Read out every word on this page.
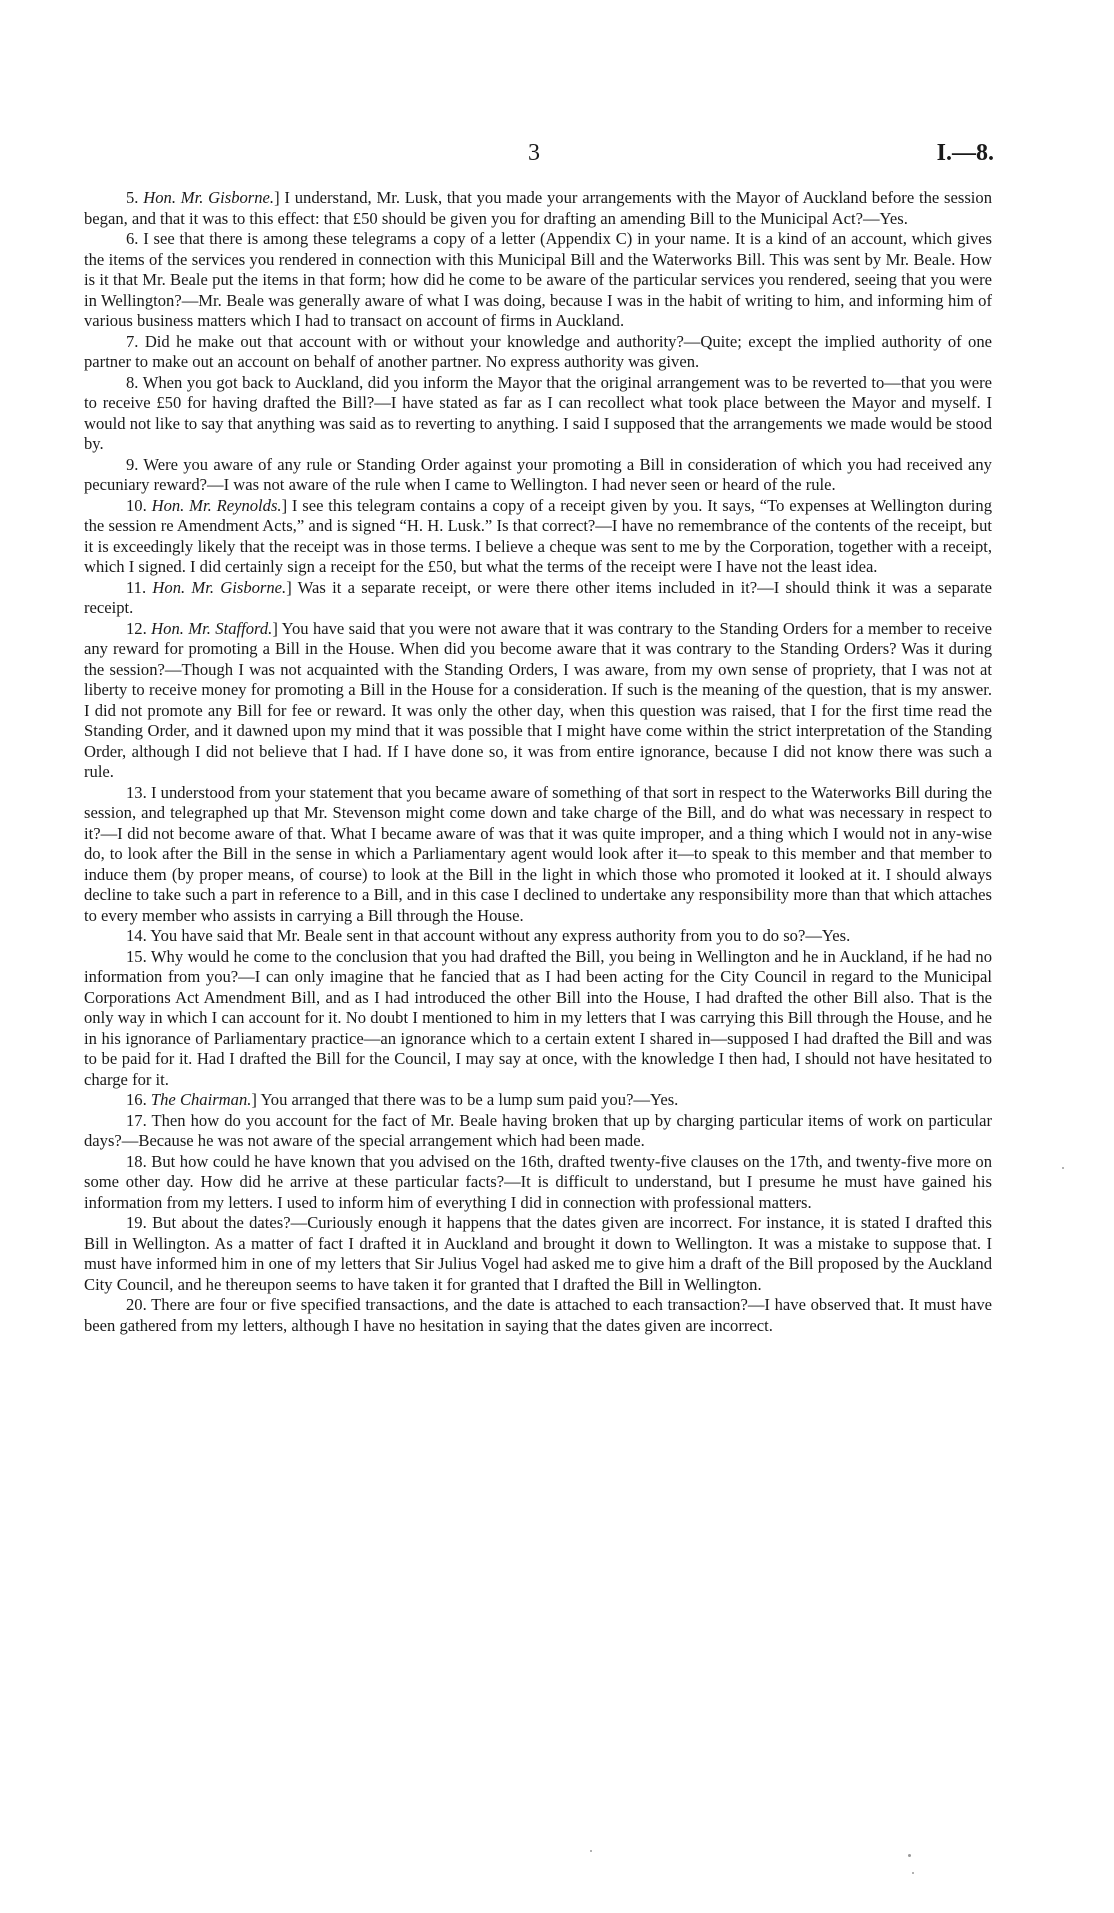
3	I.—8.

5. Hon. Mr. Gisborne.] I understand, Mr. Lusk, that you made your arrangements with the Mayor of Auckland before the session began, and that it was to this effect: that £50 should be given you for drafting an amending Bill to the Municipal Act?—Yes.

6. I see that there is among these telegrams a copy of a letter (Appendix C) in your name. It is a kind of an account, which gives the items of the services you rendered in connection with this Municipal Bill and the Waterworks Bill. This was sent by Mr. Beale. How is it that Mr. Beale put the items in that form; how did he come to be aware of the particular services you rendered, seeing that you were in Wellington?—Mr. Beale was generally aware of what I was doing, because I was in the habit of writing to him, and informing him of various business matters which I had to transact on account of firms in Auckland.

7. Did he make out that account with or without your knowledge and authority?—Quite; except the implied authority of one partner to make out an account on behalf of another partner. No express authority was given.

8. When you got back to Auckland, did you inform the Mayor that the original arrangement was to be reverted to—that you were to receive £50 for having drafted the Bill?—I have stated as far as I can recollect what took place between the Mayor and myself. I would not like to say that anything was said as to reverting to anything. I said I supposed that the arrangements we made would be stood by.

9. Were you aware of any rule or Standing Order against your promoting a Bill in consideration of which you had received any pecuniary reward?—I was not aware of the rule when I came to Wellington. I had never seen or heard of the rule.

10. Hon. Mr. Reynolds.] I see this telegram contains a copy of a receipt given by you. It says, “To expenses at Wellington during the session re Amendment Acts,” and is signed “H. H. Lusk.” Is that correct?—I have no remembrance of the contents of the receipt, but it is exceedingly likely that the receipt was in those terms. I believe a cheque was sent to me by the Corporation, together with a receipt, which I signed. I did certainly sign a receipt for the £50, but what the terms of the receipt were I have not the least idea.

11. Hon. Mr. Gisborne.] Was it a separate receipt, or were there other items included in it?—I should think it was a separate receipt.

12. Hon. Mr. Stafford.] You have said that you were not aware that it was contrary to the Standing Orders for a member to receive any reward for promoting a Bill in the House. When did you become aware that it was contrary to the Standing Orders? Was it during the session?—Though I was not acquainted with the Standing Orders, I was aware, from my own sense of propriety, that I was not at liberty to receive money for promoting a Bill in the House for a consideration. If such is the meaning of the question, that is my answer. I did not promote any Bill for fee or reward. It was only the other day, when this question was raised, that I for the first time read the Standing Order, and it dawned upon my mind that it was possible that I might have come within the strict interpretation of the Standing Order, although I did not believe that I had. If I have done so, it was from entire ignorance, because I did not know there was such a rule.

13. I understood from your statement that you became aware of something of that sort in respect to the Waterworks Bill during the session, and telegraphed up that Mr. Stevenson might come down and take charge of the Bill, and do what was necessary in respect to it?—I did not become aware of that. What I became aware of was that it was quite improper, and a thing which I would not in any-wise do, to look after the Bill in the sense in which a Parliamentary agent would look after it—to speak to this member and that member to induce them (by proper means, of course) to look at the Bill in the light in which those who promoted it looked at it. I should always decline to take such a part in reference to a Bill, and in this case I declined to undertake any responsibility more than that which attaches to every member who assists in carrying a Bill through the House.

14. You have said that Mr. Beale sent in that account without any express authority from you to do so?—Yes.

15. Why would he come to the conclusion that you had drafted the Bill, you being in Wellington and he in Auckland, if he had no information from you?—I can only imagine that he fancied that as I had been acting for the City Council in regard to the Municipal Corporations Act Amendment Bill, and as I had introduced the other Bill into the House, I had drafted the other Bill also. That is the only way in which I can account for it. No doubt I mentioned to him in my letters that I was carrying this Bill through the House, and he in his ignorance of Parliamentary practice—an ignorance which to a certain extent I shared in—supposed I had drafted the Bill and was to be paid for it. Had I drafted the Bill for the Council, I may say at once, with the knowledge I then had, I should not have hesitated to charge for it.

16. The Chairman.] You arranged that there was to be a lump sum paid you?—Yes.

17. Then how do you account for the fact of Mr. Beale having broken that up by charging particular items of work on particular days?—Because he was not aware of the special arrangement which had been made.

18. But how could he have known that you advised on the 16th, drafted twenty-five clauses on the 17th, and twenty-five more on some other day. How did he arrive at these particular facts?—It is difficult to understand, but I presume he must have gained his information from my letters. I used to inform him of everything I did in connection with professional matters.

19. But about the dates?—Curiously enough it happens that the dates given are incorrect. For instance, it is stated I drafted this Bill in Wellington. As a matter of fact I drafted it in Auckland and brought it down to Wellington. It was a mistake to suppose that. I must have informed him in one of my letters that Sir Julius Vogel had asked me to give him a draft of the Bill proposed by the Auckland City Council, and he thereupon seems to have taken it for granted that I drafted the Bill in Wellington.

20. There are four or five specified transactions, and the date is attached to each transaction?—I have observed that. It must have been gathered from my letters, although I have no hesitation in saying that the dates given are incorrect.
